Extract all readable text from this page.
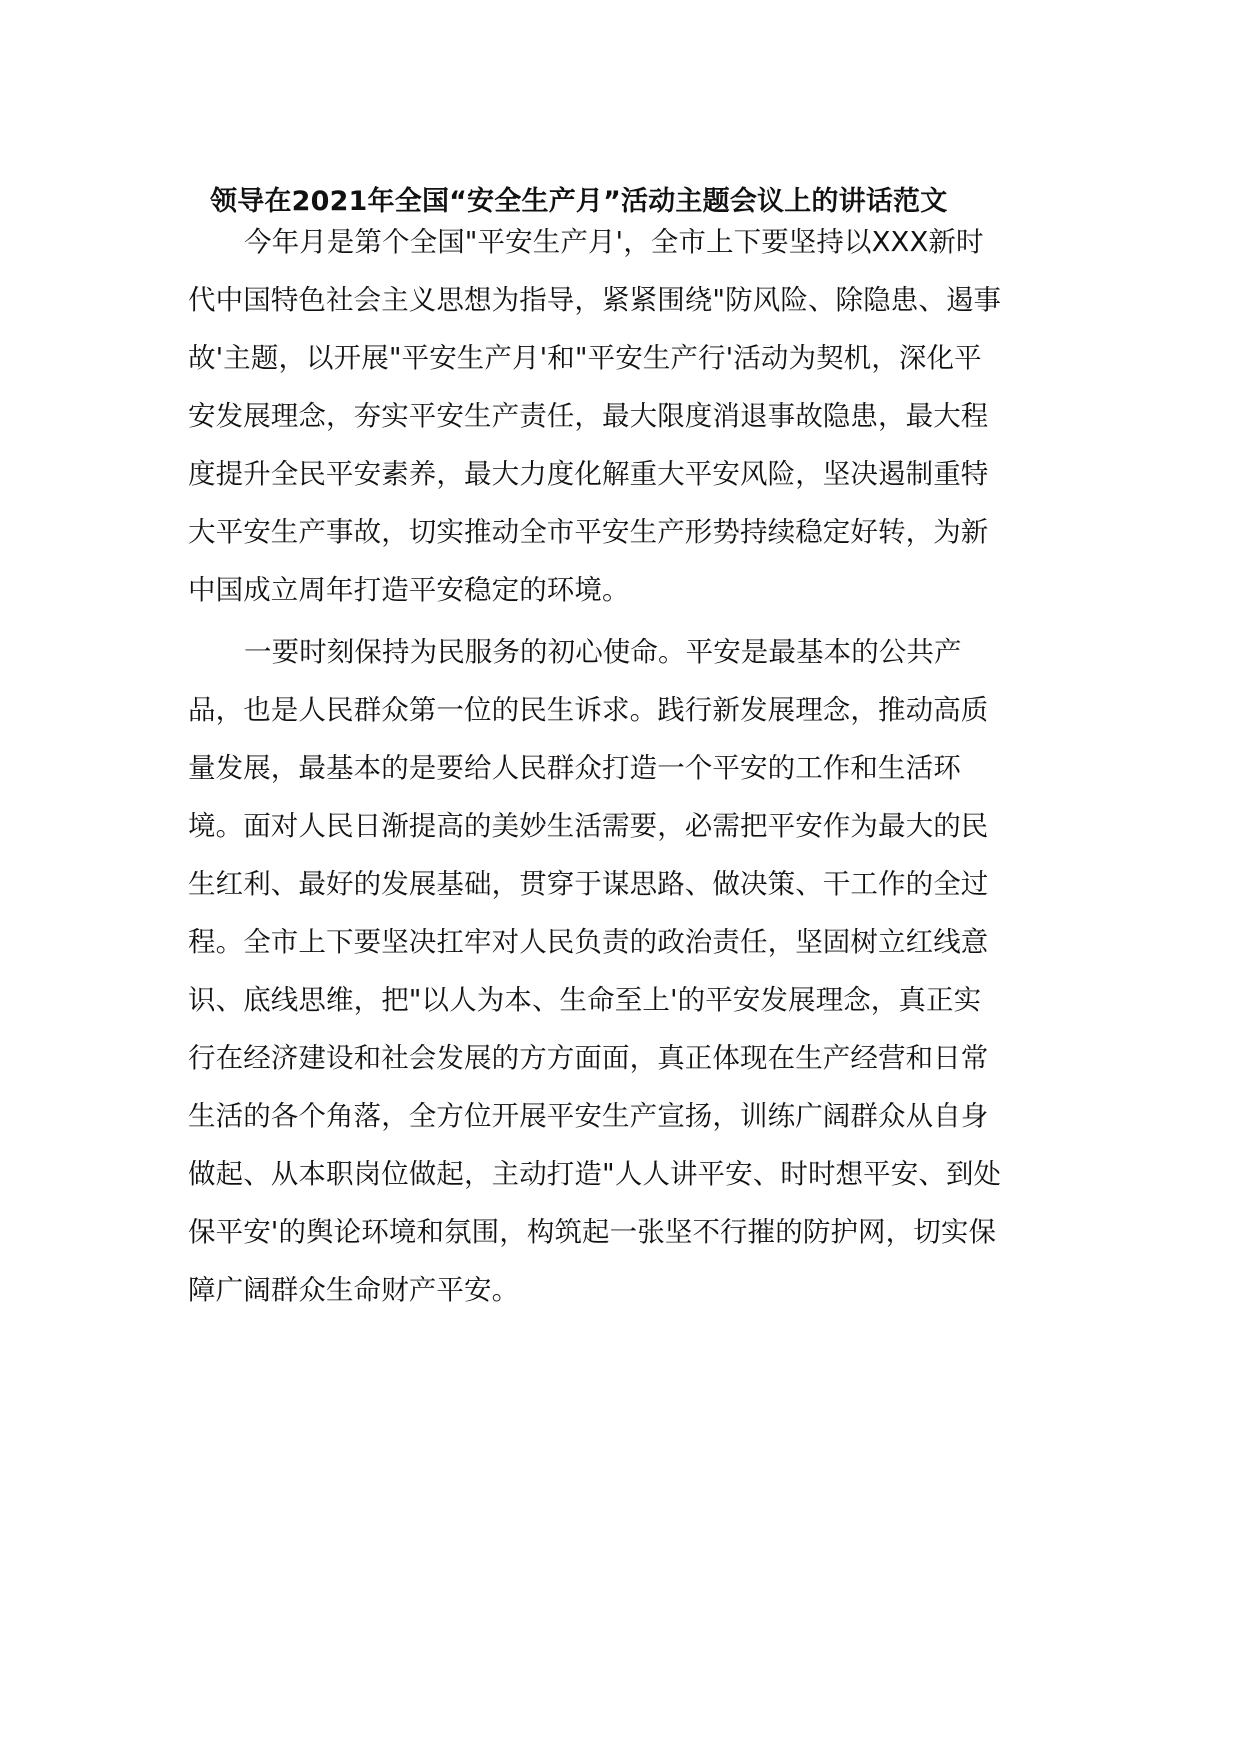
领导在2021年全国“安全生产月”活动主题会议上的讲话范文

今年月是第个全国"平安生产月'，全市上下要坚持以XXX新时

代中国特色社会主义思想为指导，紧紧围绕"防风险、除隐患、遏事

故'主题，以开展"平安生产月'和"平安生产行'活动为契机，深化平

安发展理念，夯实平安生产责任，最大限度消退事故隐患，最大程

度提升全民平安素养，最大力度化解重大平安风险，坚决遏制重特

大平安生产事故，切实推动全市平安生产形势持续稳定好转，为新

中国成立周年打造平安稳定的环境。

一要时刻保持为民服务的初心使命。平安是最基本的公共产

品，也是人民群众第一位的民生诉求。践行新发展理念，推动高质

量发展，最基本的是要给人民群众打造一个平安的工作和生活环

境。面对人民日渐提高的美妙生活需要，必需把平安作为最大的民

生红利、最好的发展基础，贯穿于谋思路、做决策、干工作的全过

程。全市上下要坚决扛牢对人民负责的政治责任，坚固树立红线意

识、底线思维，把"以人为本、生命至上'的平安发展理念，真正实

行在经济建设和社会发展的方方面面，真正体现在生产经营和日常

生活的各个角落，全方位开展平安生产宣扬，训练广阔群众从自身

做起、从本职岗位做起，主动打造"人人讲平安、时时想平安、到处

保平安'的舆论环境和氛围，构筑起一张坚不行摧的防护网，切实保

障广阔群众生命财产平安。
